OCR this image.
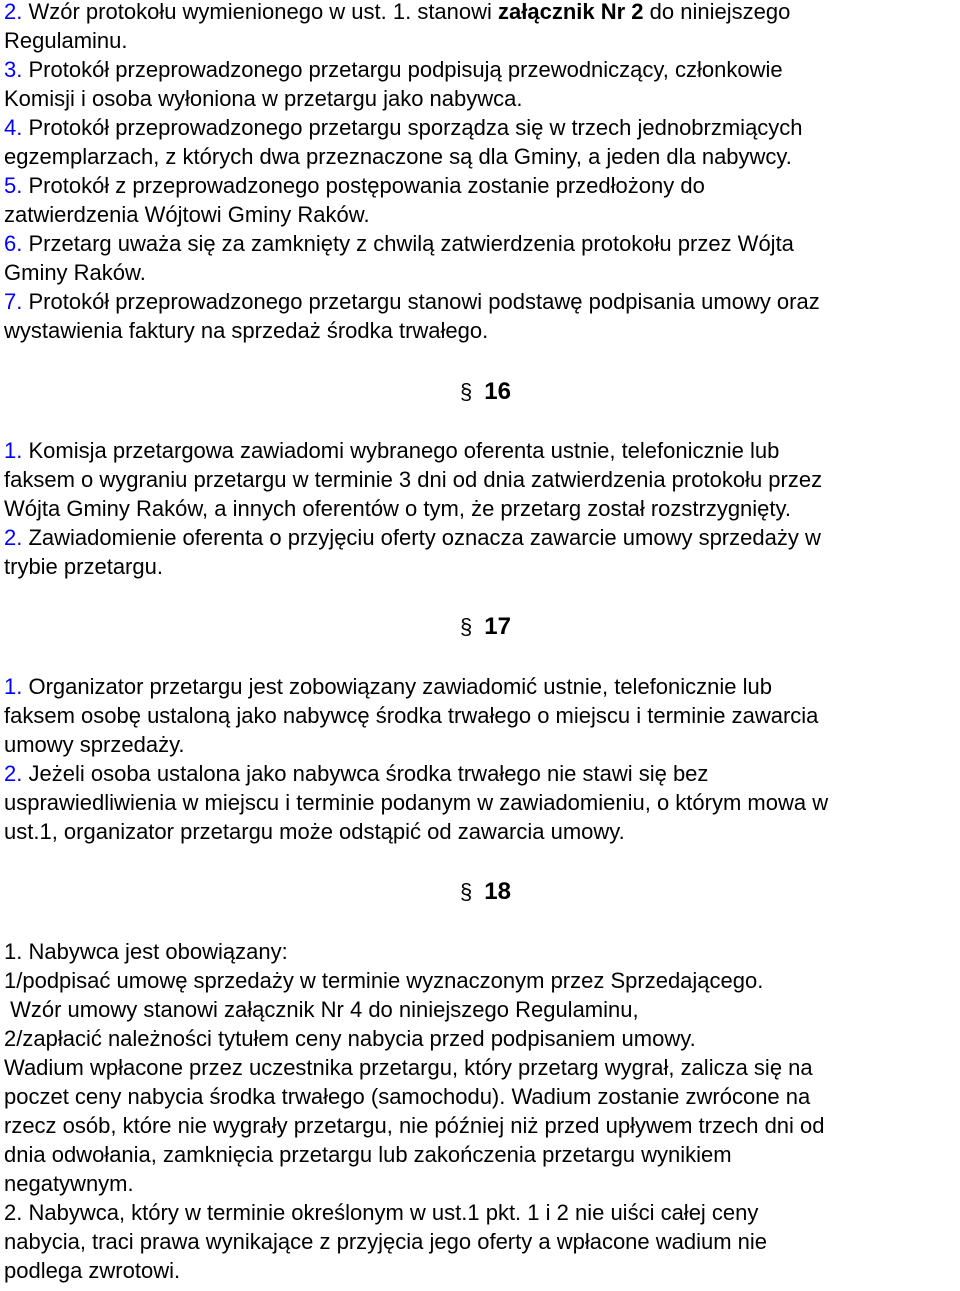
2. Wzór protokołu wymienionego w ust. 1. stanowi załącznik Nr 2 do niniejszego

Regulaminu.

3. Protokół przeprowadzonego przetargu podpisują przewodniczący, członkowie

Komisji i osoba wyłoniona w przetargu jako nabywca.

4. Protokół przeprowadzonego przetargu sporządza się w trzech jednobrzmiących

egzemplarzach, z których dwa przeznaczone są dla Gminy, a jeden dla nabywcy.

5. Protokół z przeprowadzonego postępowania zostanie przedłożony do

zatwierdzenia Wójtowi Gminy Raków.

6. Przetarg uważa się za zamknięty z chwilą zatwierdzenia protokołu przez Wójta

Gminy Raków.

7. Protokół przeprowadzonego przetargu stanowi podstawę podpisania umowy oraz

wystawienia faktury na sprzedaż środka trwałego.

§ 16

1. Komisja przetargowa zawiadomi wybranego oferenta ustnie, telefonicznie lub

faksem o wygraniu przetargu w terminie 3 dni od dnia zatwierdzenia protokołu przez

Wójta Gminy Raków, a innych oferentów o tym, że przetarg został rozstrzygnięty.

2. Zawiadomienie oferenta o przyjęciu oferty oznacza zawarcie umowy sprzedaży w

trybie przetargu.

§ 17

1. Organizator przetargu jest zobowiązany zawiadomić ustnie, telefonicznie lub

faksem osobę ustaloną jako nabywcę środka trwałego o miejscu i terminie zawarcia

umowy sprzedaży.

2. Jeżeli osoba ustalona jako nabywca środka trwałego nie stawi się bez

usprawiedliwienia w miejscu i terminie podanym w zawiadomieniu, o którym mowa w

ust.1, organizator przetargu może odstąpić od zawarcia umowy.

§ 18

1. Nabywca jest obowiązany:

1/podpisać umowę sprzedaży w terminie wyznaczonym przez Sprzedającego.

Wzór umowy stanowi załącznik Nr 4 do niniejszego Regulaminu,

2/zapłacić należności tytułem ceny nabycia przed podpisaniem umowy.

Wadium wpłacone przez uczestnika przetargu, który przetarg wygrał, zalicza się na

poczet ceny nabycia środka trwałego (samochodu). Wadium zostanie zwrócone na

rzecz osób, które nie wygrały przetargu, nie później niż przed upływem trzech dni od

dnia odwołania, zamknięcia przetargu lub zakończenia przetargu wynikiem

negatywnym.

2. Nabywca, który w terminie określonym w ust.1 pkt. 1 i 2 nie uiści całej ceny

nabycia, traci prawa wynikające z przyjęcia jego oferty a wpłacone wadium nie

podlega zwrotowi.
